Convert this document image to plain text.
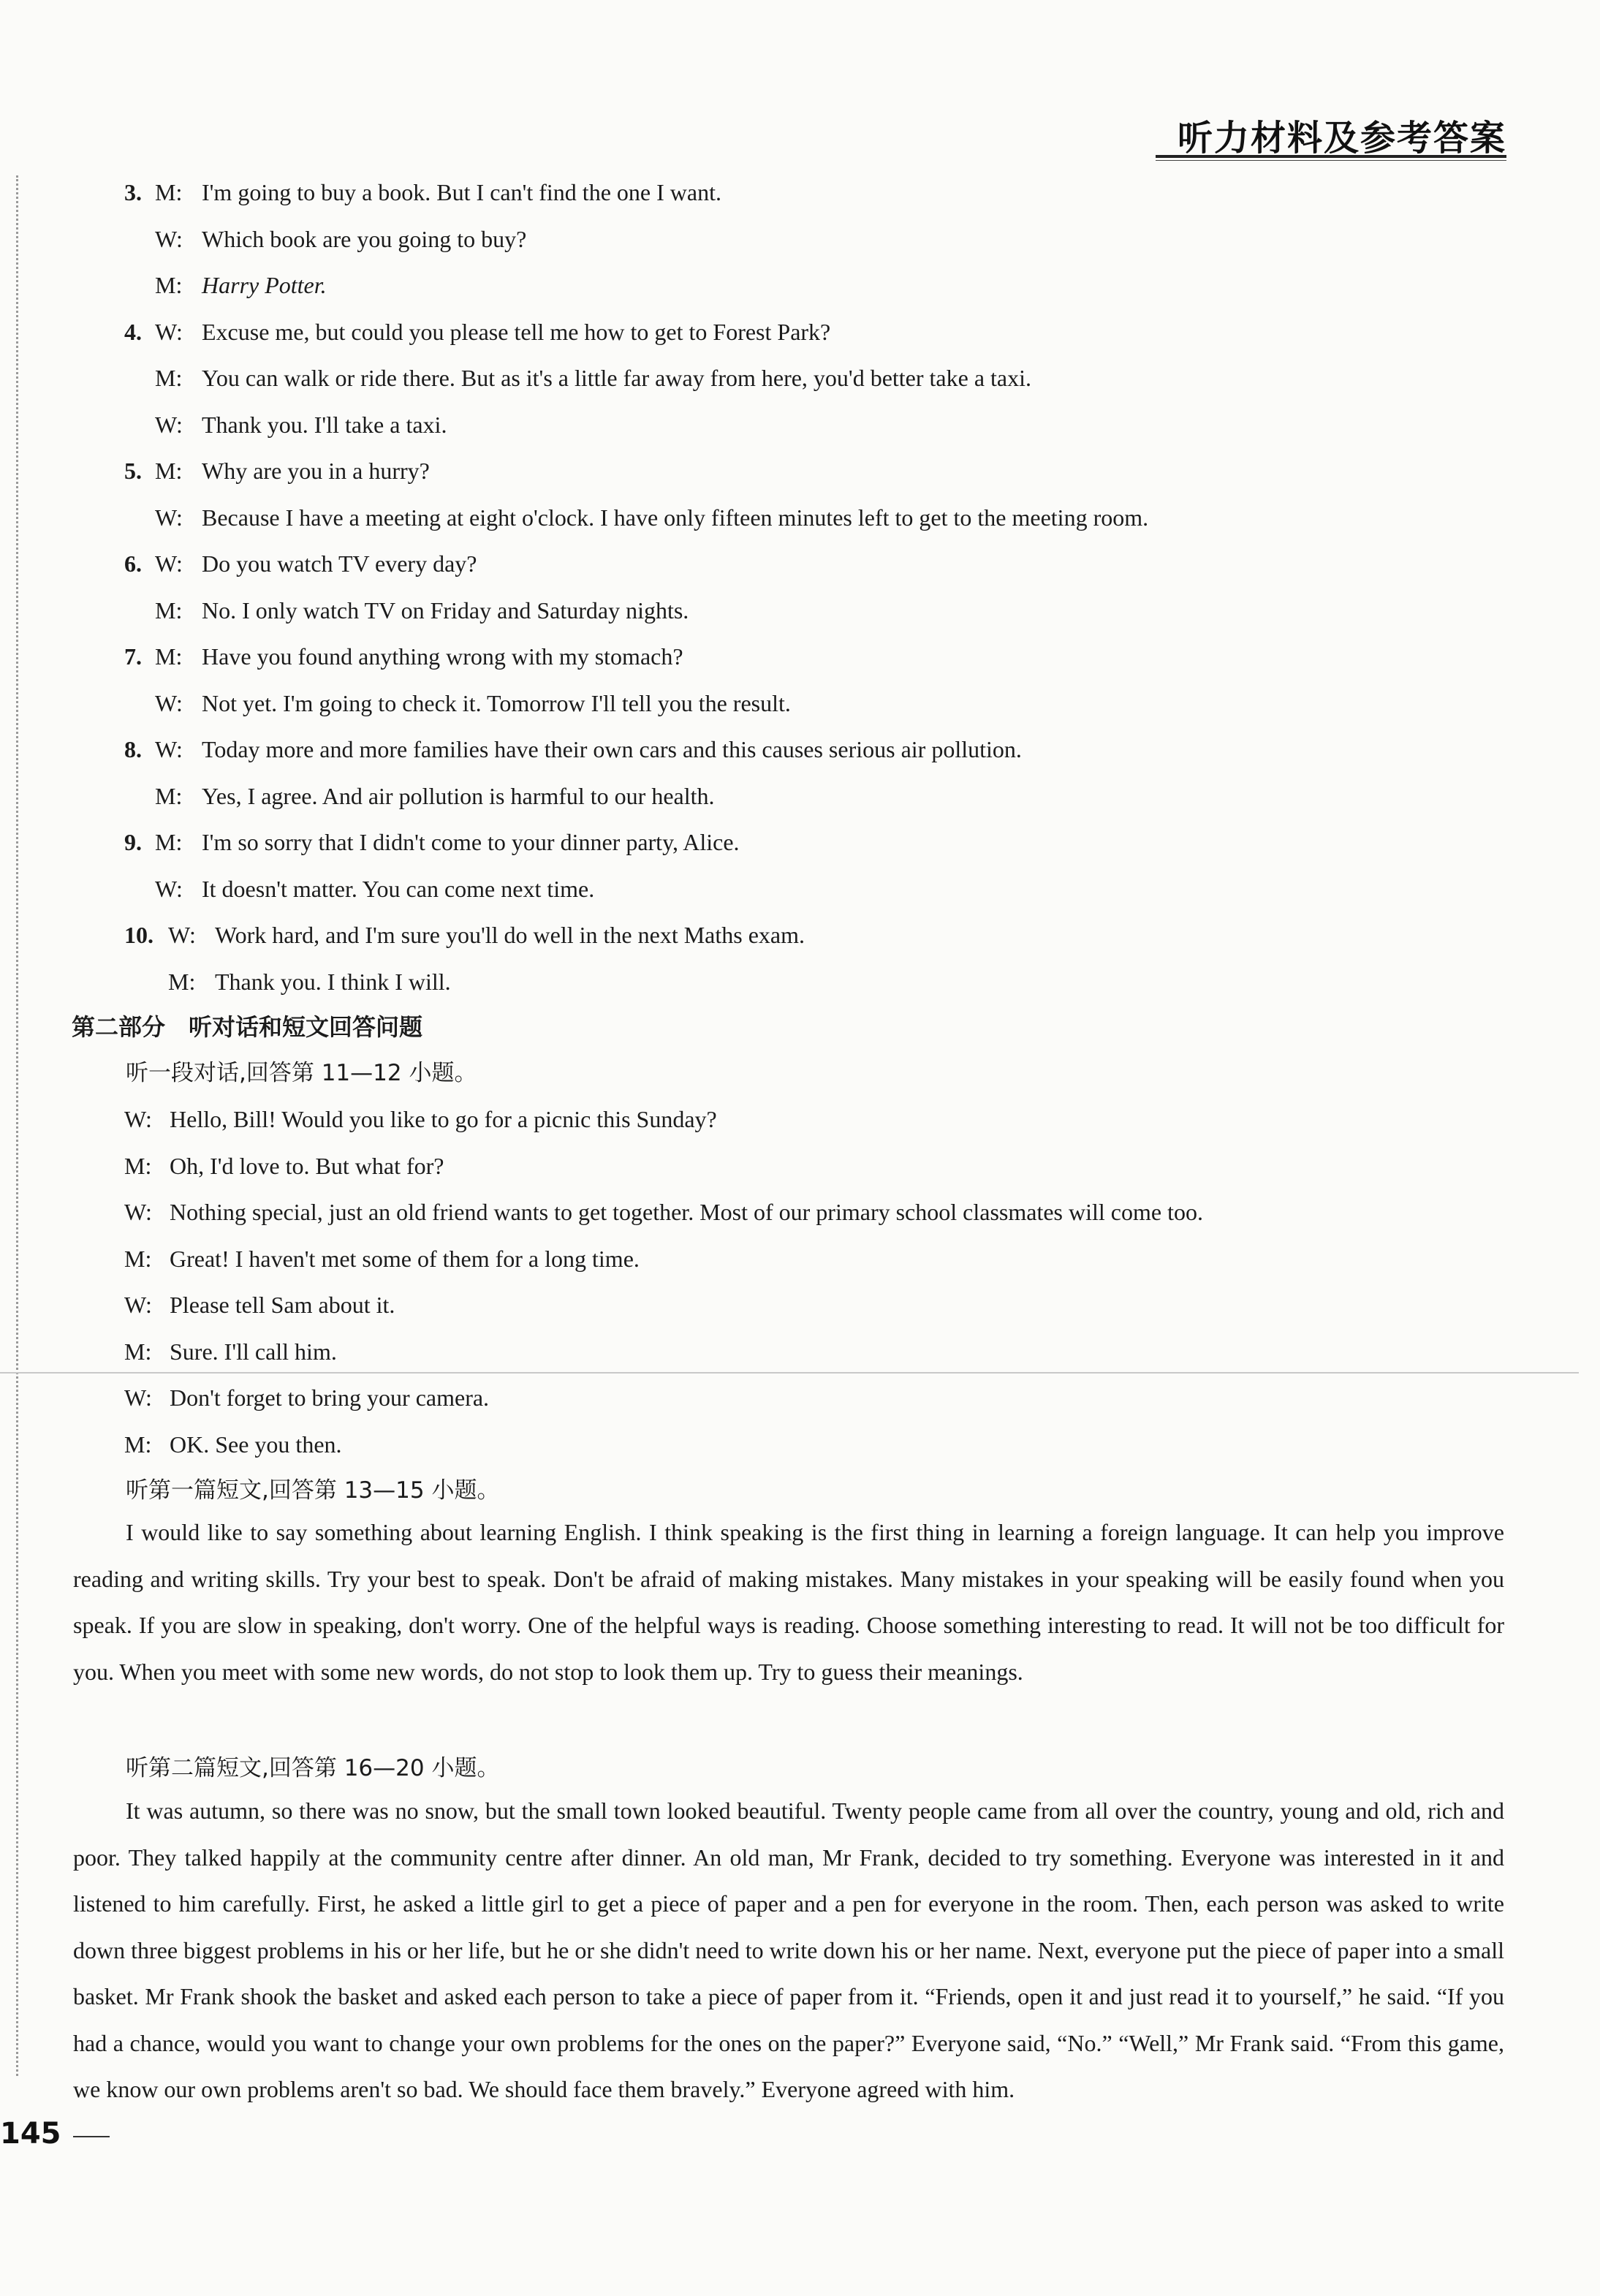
听力材料及参考答案
3. M: I'm going to buy a book. But I can't find the one I want.
W: Which book are you going to buy?
M: Harry Potter.
4. W: Excuse me, but could you please tell me how to get to Forest Park?
M: You can walk or ride there. But as it's a little far away from here, you'd better take a taxi.
W: Thank you. I'll take a taxi.
5. M: Why are you in a hurry?
W: Because I have a meeting at eight o'clock. I have only fifteen minutes left to get to the meeting room.
6. W: Do you watch TV every day?
M: No. I only watch TV on Friday and Saturday nights.
7. M: Have you found anything wrong with my stomach?
W: Not yet. I'm going to check it. Tomorrow I'll tell you the result.
8. W: Today more and more families have their own cars and this causes serious air pollution.
M: Yes, I agree. And air pollution is harmful to our health.
9. M: I'm so sorry that I didn't come to your dinner party, Alice.
W: It doesn't matter. You can come next time.
10. W: Work hard, and I'm sure you'll do well in the next Maths exam.
M: Thank you. I think I will.
第二部分　听对话和短文回答问题
听一段对话,回答第 11—12 小题。
W: Hello, Bill! Would you like to go for a picnic this Sunday?
M: Oh, I'd love to. But what for?
W: Nothing special, just an old friend wants to get together. Most of our primary school classmates will come too.
M: Great! I haven't met some of them for a long time.
W: Please tell Sam about it.
M: Sure. I'll call him.
W: Don't forget to bring your camera.
M: OK. See you then.
听第一篇短文,回答第 13—15 小题。

I would like to say something about learning English. I think speaking is the first thing in learning a foreign language. It can help you improve reading and writing skills. Try your best to speak. Don't be afraid of making mistakes. Many mistakes in your speaking will be easily found when you speak. If you are slow in speaking, don't worry. One of the helpful ways is reading. Choose something interesting to read. It will not be too difficult for you. When you meet with some new words, do not stop to look them up. Try to guess their meanings.

听第二篇短文,回答第 16—20 小题。

It was autumn, so there was no snow, but the small town looked beautiful. Twenty people came from all over the country, young and old, rich and poor. They talked happily at the community centre after dinner. An old man, Mr Frank, decided to try something. Everyone was interested in it and listened to him carefully. First, he asked a little girl to get a piece of paper and a pen for everyone in the room. Then, each person was asked to write down three biggest problems in his or her life, but he or she didn't need to write down his or her name. Next, everyone put the piece of paper into a small basket. Mr Frank shook the basket and asked each person to take a piece of paper from it. “Friends, open it and just read it to yourself,” he said. “If you had a chance, would you want to change your own problems for the ones on the paper?” Everyone said, “No.” “Well,” Mr Frank said. “From this game, we know our own problems aren't so bad. We should face them bravely.” Everyone agreed with him.

145
